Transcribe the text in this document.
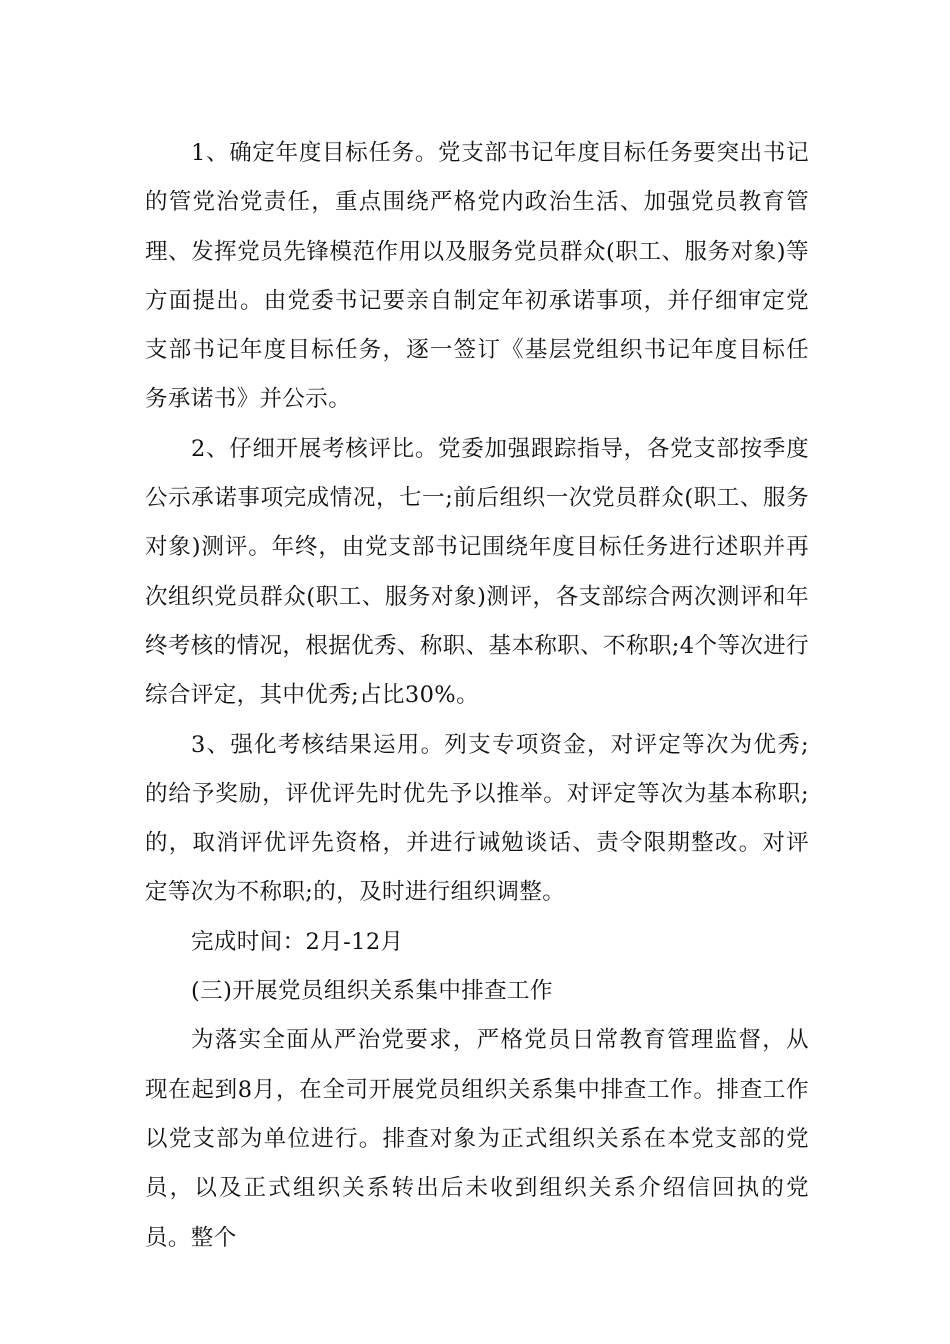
1、确定年度目标任务。党支部书记年度目标任务要突出书记的管党治党责任，重点围绕严格党内政治生活、加强党员教育管理、发挥党员先锋模范作用以及服务党员群众(职工、服务对象)等方面提出。由党委书记要亲自制定年初承诺事项，并仔细审定党支部书记年度目标任务，逐一签订《基层党组织书记年度目标任务承诺书》并公示。

2、仔细开展考核评比。党委加强跟踪指导，各党支部按季度公示承诺事项完成情况，七一;前后组织一次党员群众(职工、服务对象)测评。年终，由党支部书记围绕年度目标任务进行述职并再次组织党员群众(职工、服务对象)测评，各支部综合两次测评和年终考核的情况，根据优秀、称职、基本称职、不称职;4个等次进行综合评定，其中优秀;占比30%。

3、强化考核结果运用。列支专项资金，对评定等次为优秀;的给予奖励，评优评先时优先予以推举。对评定等次为基本称职;的，取消评优评先资格，并进行诫勉谈话、责令限期整改。对评定等次为不称职;的，及时进行组织调整。

完成时间：2月-12月

(三)开展党员组织关系集中排查工作

为落实全面从严治党要求，严格党员日常教育管理监督，从现在起到8月，在全司开展党员组织关系集中排查工作。排查工作以党支部为单位进行。排查对象为正式组织关系在本党支部的党员，以及正式组织关系转出后未收到组织关系介绍信回执的党员。整个
